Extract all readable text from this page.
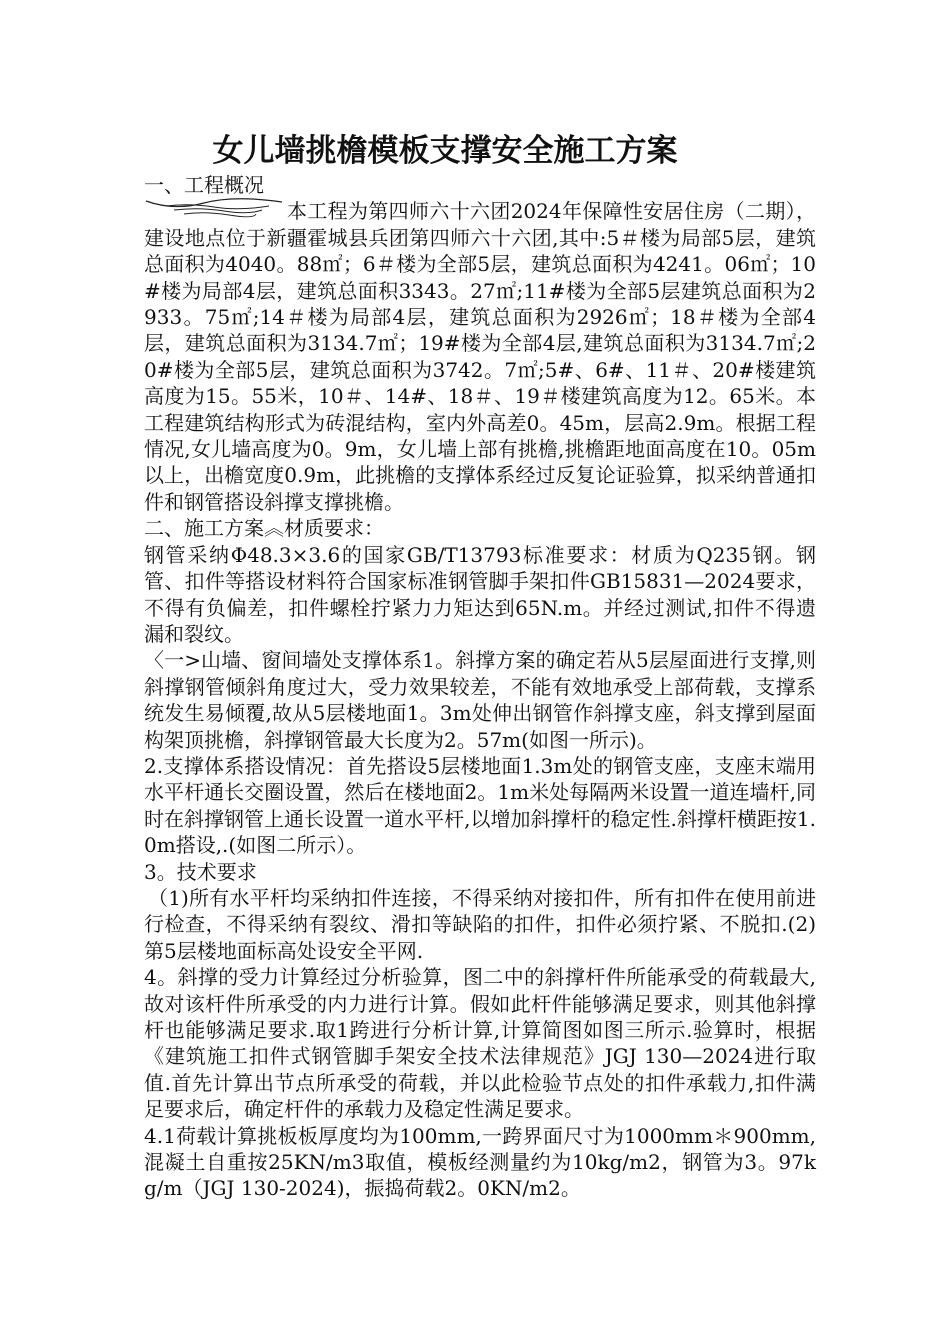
女儿墙挑檐模板支撑安全施工方案

一、工程概况

本工程为第四师六十六团2024年保障性安居住房（二期），建设地点位于新疆霍城县兵团第四师六十六团,其中:5＃楼为局部5层，建筑总面积为4040。88㎡；6＃楼为全部5层，建筑总面积为4241。06㎡；10#楼为局部4层，建筑总面积3343。27㎡;11#楼为全部5层建筑总面积为2933。75㎡;14＃楼为局部4层，建筑总面积为2926㎡；18＃楼为全部4层，建筑总面积为3134.7㎡；19#楼为全部4层,建筑总面积为3134.7㎡;20#楼为全部5层，建筑总面积为3742。7㎡;5#、6#、11＃、20#楼建筑高度为15。55米，10＃、14#、18＃、19＃楼建筑高度为12。65米。本工程建筑结构形式为砖混结构，室内外高差0。45m，层高2.9m。根据工程情况,女儿墙高度为0。9m，女儿墙上部有挑檐,挑檐距地面高度在10。05m以上，出檐宽度0.9m，此挑檐的支撑体系经过反复论证验算，拟采纳普通扣件和钢管搭设斜撑支撑挑檐。

二、施工方案︽材质要求：

钢管采纳Φ48.3×3.6的国家GB/T13793标准要求：材质为Q235钢。钢管、扣件等搭设材料符合国家标准钢管脚手架扣件GB15831—2024要求，不得有负偏差，扣件螺栓拧紧力力矩达到65N.m。并经过测试,扣件不得遗漏和裂纹。

〈一>山墙、窗间墙处支撑体系1。斜撑方案的确定若从5层屋面进行支撑,则斜撑钢管倾斜角度过大，受力效果较差，不能有效地承受上部荷载，支撑系统发生易倾覆,故从5层楼地面1。3m处伸出钢管作斜撑支座，斜支撑到屋面构架顶挑檐，斜撑钢管最大长度为2。57m(如图一所示)。

2.支撑体系搭设情况：首先搭设5层楼地面1.3m处的钢管支座，支座末端用水平杆通长交圈设置，然后在楼地面2。1m米处每隔两米设置一道连墙杆,同时在斜撑钢管上通长设置一道水平杆,以增加斜撑杆的稳定性.斜撑杆横距按1.0m搭设,.(如图二所示）。

3。技术要求

（1)所有水平杆均采纳扣件连接，不得采纳对接扣件，所有扣件在使用前进行检查，不得采纳有裂纹、滑扣等缺陷的扣件，扣件必须拧紧、不脱扣.(2)　第5层楼地面标高处设安全平网.

4。斜撑的受力计算经过分析验算，图二中的斜撑杆件所能承受的荷载最大,故对该杆件所承受的内力进行计算。假如此杆件能够满足要求，则其他斜撑杆也能够满足要求.取1跨进行分析计算,计算简图如图三所示.验算时，根据《建筑施工扣件式钢管脚手架安全技术法律规范》JGJ 130—2024进行取值.首先计算出节点所承受的荷载，并以此检验节点处的扣件承载力,扣件满足要求后，确定杆件的承载力及稳定性满足要求。

4.1荷载计算挑板板厚度均为100mm,一跨界面尺寸为1000mm＊900mm,混凝土自重按25KN/m3取值，模板经测量约为10kg/m2，钢管为3。97kg/m（JGJ 130-2024)，振捣荷载2。0KN/m2。
